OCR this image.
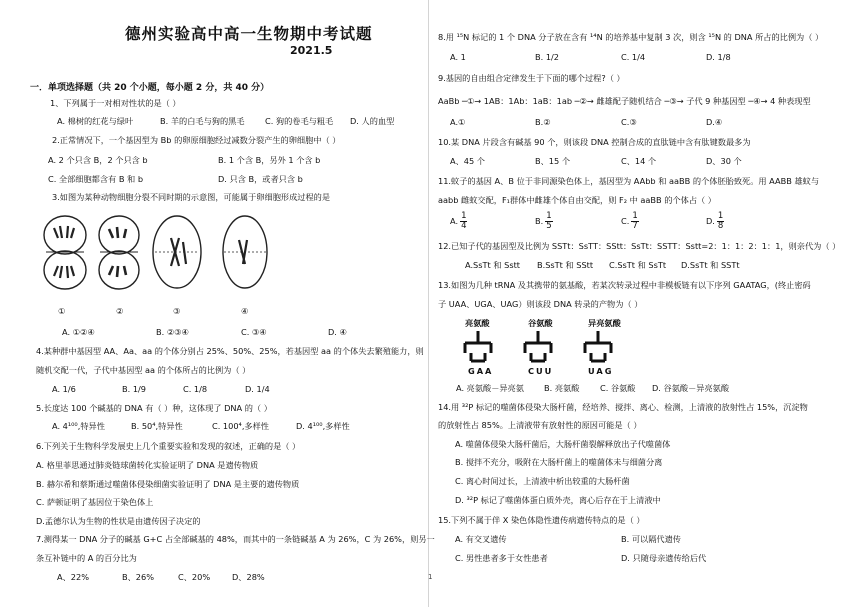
德州实验高中高一生物期中考试题
2021.5
一．单项选择题（共 20 个小题，每小题 2 分，共 40 分）
1、下列属于一对相对性状的是（ ）
A. 棉树的红花与绿叶	B. 羊的白毛与狗的黑毛 C. 狗的卷毛与粗毛 D. 人的血型
2.正常情况下，一个基因型为 Bb 的卵原细胞经过减数分裂产生的卵细胞中（ ）
A. 2 个只含 B，2 个只含 b	B. 1 个含 B，另外 1 个含 b
C. 全部细胞都含有 B 和 b	D. 只含 B，或者只含 b
3.如图为某种动物细胞分裂不同时期的示意图，可能属于卵细胞形成过程的是
①	②	③	④
A. ①②④	B. ②③④	C. ③④	D. ④
4.某种群中基因型 AA、Aa、aa 的个体分别占 25%、50%、25%，若基因型 aa 的个体失去繁殖能力，则
随机交配一代，子代中基因型 aa 的个体所占的比例为（ ）
A. 1/6	B. 1/9	C. 1/8	D. 1/4
5.长度达 100 个碱基的 DNA 有（ ）种，这体现了 DNA 的（ ）
A. 4¹⁰⁰,特异性	B. 50⁴,特异性	C. 100⁴,多样性	D. 4¹⁰⁰,多样性
6.下列关于生物科学发展史上几个重要实验和发现的叙述，正确的是（ ）
A. 格里菲思通过肺炎链球菌转化实验证明了 DNA 是遗传物质
B. 赫尔希和蔡斯通过噬菌体侵染细菌实验证明了 DNA 是主要的遗传物质
C. 萨顿证明了基因位于染色体上
D.孟德尔认为生物的性状是由遗传因子决定的
7.测得某一 DNA 分子的碱基 G+C 占全部碱基的 48%，而其中的一条链碱基 A 为 26%，C 为 26%，则另一
条互补链中的 A 的百分比为
A、22%	B、26%	C、20%	D、28%
8.用 ¹⁵N 标记的 1 个 DNA 分子放在含有 ¹⁴N 的培养基中复制 3 次，则含 ¹⁵N 的 DNA 所占的比例为（ ）
A. 1	B. 1/2	C. 1/4	D. 1/8
9.基因的自由组合定律发生于下面的哪个过程?（ ）
AaBb ─①→ 1AB：1Ab：1aB：1ab ─②→ 雌雄配子随机结合 ─③→ 子代 9 种基因型 ─④→ 4 种表现型
A.①	B.②	C.③	D.④
10.某 DNA 片段含有碱基 90 个，则该段 DNA 控制合成的直肽链中含有肽键数最多为
A、45 个	B、15 个	C、14 个	D、30 个
11.蚊子的基因 A、B 位于非同源染色体上，基因型为 AAbb 和 aaBB 的个体胚胎致死。用 AABB 雄蚊与
aabb 雌蚊交配，F₁群体中雌雄个体自由交配，则 F₂ 中 aaBB 的个体占（ ）
A. $\frac{1}{4}$	B. $\frac{1}{5}$	C. $\frac{1}{7}$	D. $\frac{1}{8}$
12.已知子代的基因型及比例为 SSTt：SsTT：SStt：SsTt：SSTT：Sstt=2：1：1：2：1：1，则亲代为（ ）
A.SsTt 和 Sstt B.SsTt 和 SStt C.SsTt 和 SsTt D.SsTt 和 SSTt
13.如图为几种 tRNA 及其携带的氨基酸，若某次转录过程中非模板链有以下序列 GAATAG，(终止密码
子 UAA、UGA、UAG）则该段 DNA 转录的产物为（ ）
亮氨酸	谷氨酸	异亮氨酸
GAA	CUU	UAG
A. 亮氨酸－异亮氨 B. 亮氨酸	C. 谷氨酸 D. 谷氨酸－异亮氨酸
14.用 ³²P 标记的噬菌体侵染大肠杆菌，经培养、搅拌、离心、检测，上清液的放射性占 15%，沉淀物
的放射性占 85%。上清液带有放射性的原因可能是（ ）
A. 噬菌体侵染大肠杆菌后，大肠杆菌裂解释放出子代噬菌体
B. 搅拌不充分，吸附在大肠杆菌上的噬菌体未与细菌分离
C. 离心时间过长，上清液中析出较重的大肠杆菌
D. ³²P 标记了噬菌体蛋白质外壳，离心后存在于上清液中
15.下列不属于伴 X 染色体隐性遗传病遗传特点的是（ ）
A. 有交叉遗传	B. 可以隔代遗传
C. 男性患者多于女性患者	D. 只随母亲遗传给后代
1
